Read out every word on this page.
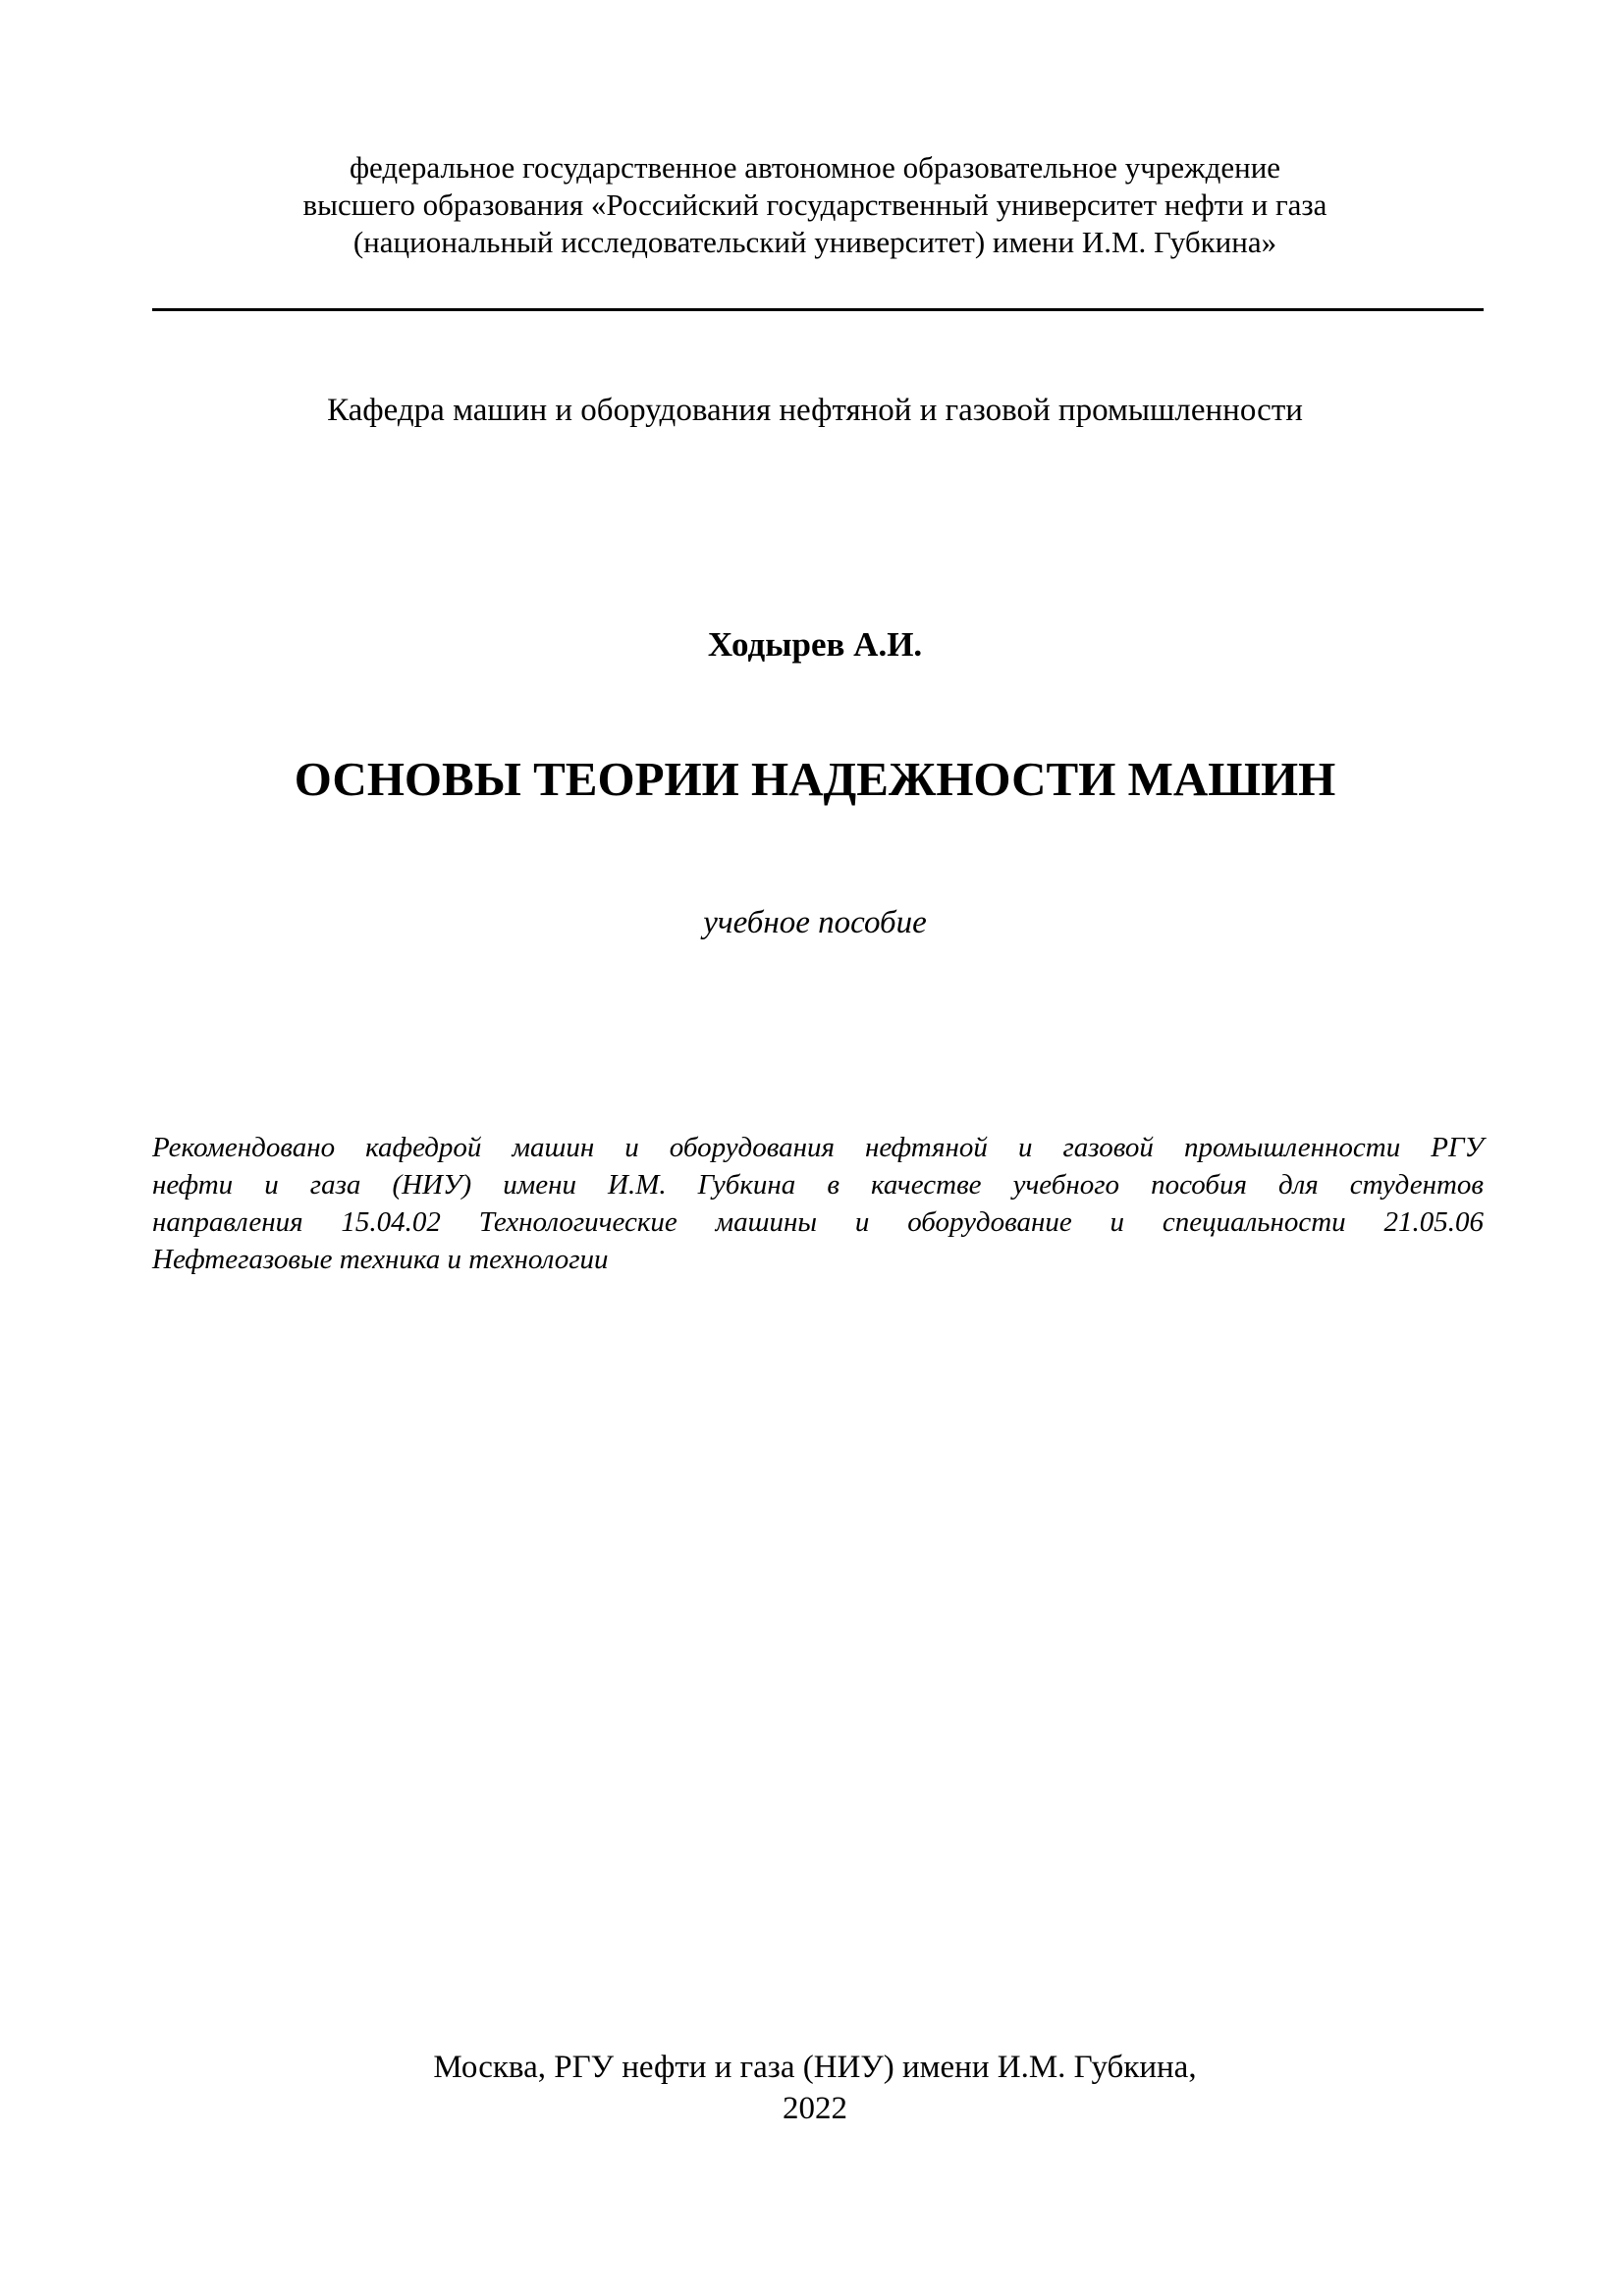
федеральное государственное автономное образовательное учреждение
высшего образования «Российский государственный университет нефти и газа
(национальный исследовательский университет) имени И.М. Губкина»
Кафедра машин и оборудования нефтяной и газовой промышленности
Ходырев А.И.
ОСНОВЫ ТЕОРИИ НАДЕЖНОСТИ МАШИН
учебное пособие
Рекомендовано кафедрой машин и оборудования нефтяной и газовой промышленности РГУ
нефти и газа (НИУ) имени И.М. Губкина в качестве учебного пособия для студентов
направления 15.04.02 Технологические машины и оборудование и специальности 21.05.06
Нефтегазовые техника и технологии
Москва, РГУ нефти и газа (НИУ) имени И.М. Губкина,
2022
